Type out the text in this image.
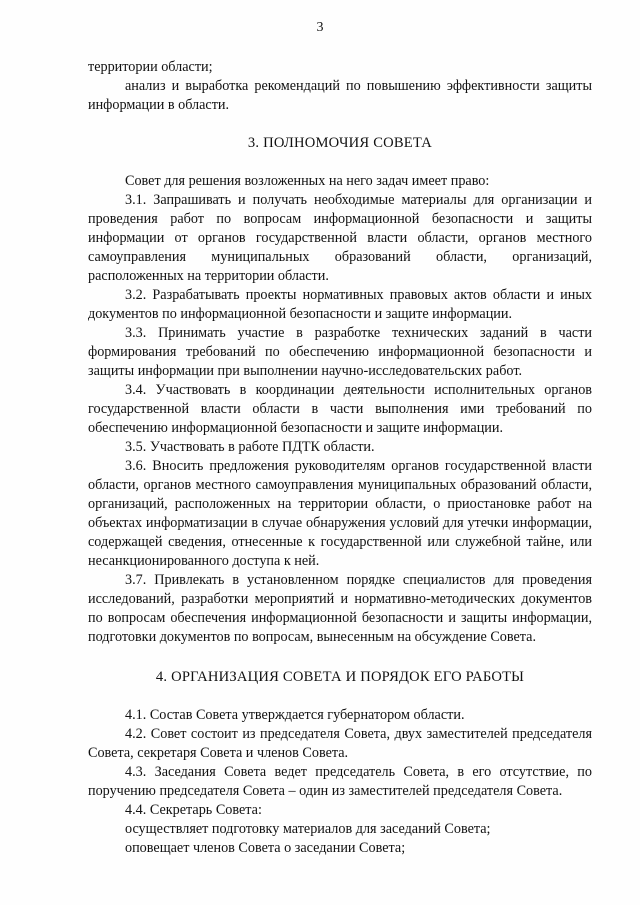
3

территории области;

анализ и выработка рекомендаций по повышению эффективности защиты информации в области.

3. ПОЛНОМОЧИЯ СОВЕТА

Совет для решения возложенных на него задач имеет право:

3.1. Запрашивать и получать необходимые материалы для организации и проведения работ по вопросам информационной безопасности и защиты информации от органов государственной власти области, органов местного самоуправления муниципальных образований области, организаций, расположенных на территории области.

3.2. Разрабатывать проекты нормативных правовых актов области и иных документов по информационной безопасности и защите информации.

3.3. Принимать участие в разработке технических заданий в части формирования требований по обеспечению информационной безопасности и защиты информации при выполнении научно-исследовательских работ.

3.4. Участвовать в координации деятельности исполнительных органов государственной власти области в части выполнения ими требований по обеспечению информационной безопасности и защите информации.

3.5. Участвовать в работе ПДТК области.

3.6. Вносить предложения руководителям органов государственной власти области, органов местного самоуправления муниципальных образований области, организаций, расположенных на территории области, о приостановке работ на объектах информатизации в случае обнаружения условий для утечки информации, содержащей сведения, отнесенные к государственной или служебной тайне, или несанкционированного доступа к ней.

3.7. Привлекать в установленном порядке специалистов для проведения исследований, разработки мероприятий и нормативно-методических документов по вопросам обеспечения информационной безопасности и защиты информации, подготовки документов по вопросам, вынесенным на обсуждение Совета.

4. ОРГАНИЗАЦИЯ СОВЕТА И ПОРЯДОК ЕГО РАБОТЫ

4.1. Состав Совета утверждается губернатором области.

4.2. Совет состоит из председателя Совета, двух заместителей председателя Совета, секретаря Совета и членов Совета.

4.3. Заседания Совета ведет председатель Совета, в его отсутствие, по поручению председателя Совета – один из заместителей председателя Совета.

4.4. Секретарь Совета:

осуществляет подготовку материалов для заседаний Совета;

оповещает членов Совета о заседании Совета;
